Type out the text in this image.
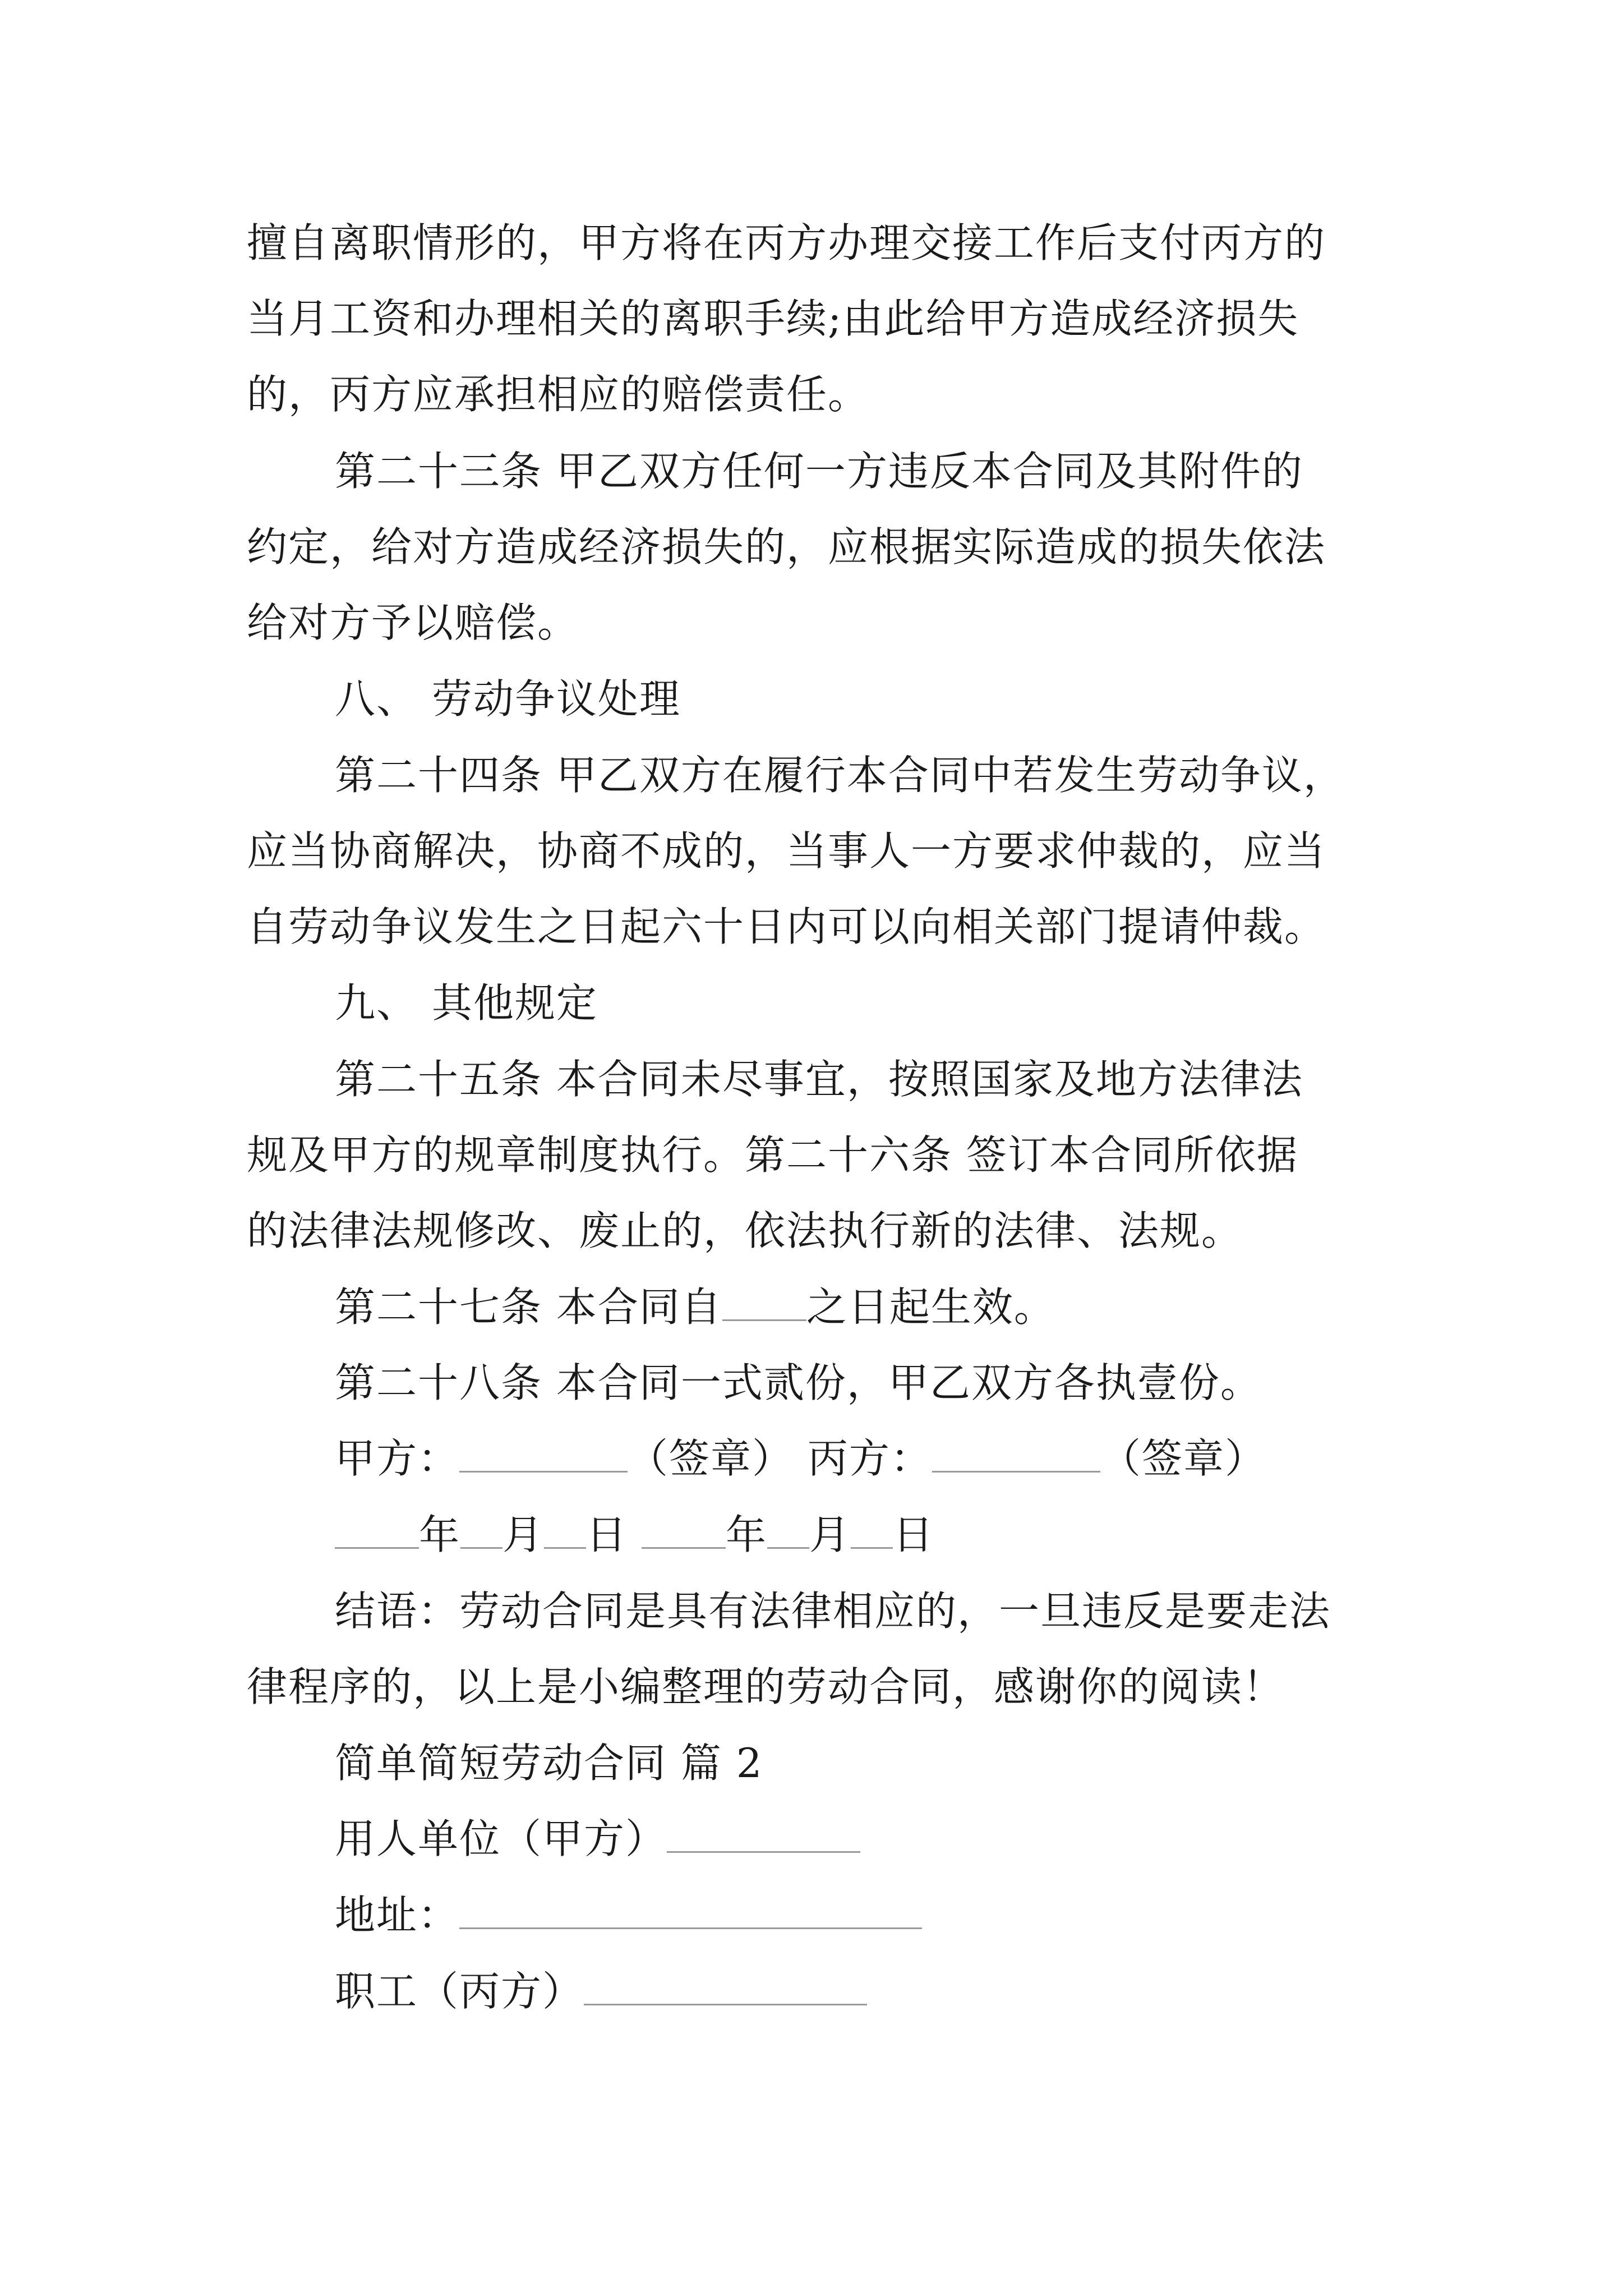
擅自离职情形的，甲方将在丙方办理交接工作后支付丙方的
当月工资和办理相关的离职手续;由此给甲方造成经济损失
的，丙方应承担相应的赔偿责任。
第二十三条 甲乙双方任何一方违反本合同及其附件的
约定，给对方造成经济损失的，应根据实际造成的损失依法
给对方予以赔偿。
八、 劳动争议处理
第二十四条 甲乙双方在履行本合同中若发生劳动争议，
应当协商解决，协商不成的，当事人一方要求仲裁的，应当
自劳动争议发生之日起六十日内可以向相关部门提请仲裁。
九、 其他规定
第二十五条 本合同未尽事宜，按照国家及地方法律法
规及甲方的规章制度执行。第二十六条 签订本合同所依据
的法律法规修改、废止的，依法执行新的法律、法规。
第二十七条 本合同自 之日起生效。
第二十八条 本合同一式贰份，甲乙双方各执壹份。
甲方：	（签章） 丙方：	（签章）
年 月 日 年 月 日
结语：劳动合同是具有法律相应的，一旦违反是要走法
律程序的，以上是小编整理的劳动合同，感谢你的阅读！
简单简短劳动合同 篇 2
用人单位（甲方）
地址：
职工（丙方）
